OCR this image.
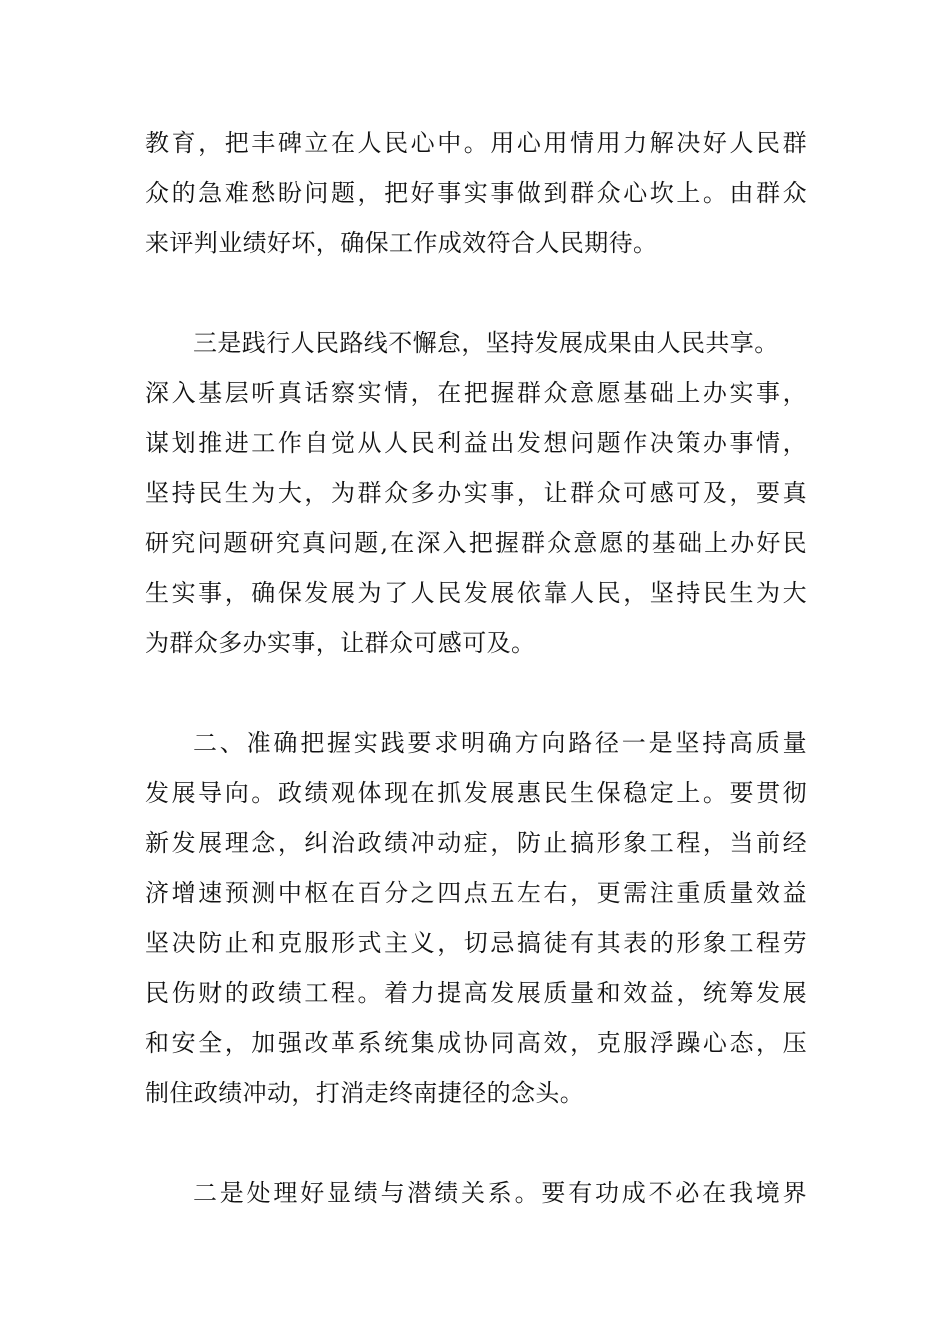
教育，把丰碑立在人民心中。用心用情用力解决好人民群
众的急难愁盼问题，把好事实事做到群众心坎上。由群众
来评判业绩好坏，确保工作成效符合人民期待。
三是践行人民路线不懈怠，坚持发展成果由人民共享。
深入基层听真话察实情，在把握群众意愿基础上办实事，
谋划推进工作自觉从人民利益出发想问题作决策办事情，
坚持民生为大，为群众多办实事，让群众可感可及，要真
研究问题研究真问题,在深入把握群众意愿的基础上办好民
生实事，确保发展为了人民发展依靠人民，坚持民生为大
为群众多办实事，让群众可感可及。
二、准确把握实践要求明确方向路径一是坚持高质量
发展导向。政绩观体现在抓发展惠民生保稳定上。要贯彻
新发展理念，纠治政绩冲动症，防止搞形象工程，当前经
济增速预测中枢在百分之四点五左右，更需注重质量效益
坚决防止和克服形式主义，切忌搞徒有其表的形象工程劳
民伤财的政绩工程。着力提高发展质量和效益，统筹发展
和安全，加强改革系统集成协同高效，克服浮躁心态，压
制住政绩冲动，打消走终南捷径的念头。
二是处理好显绩与潜绩关系。要有功成不必在我境界
